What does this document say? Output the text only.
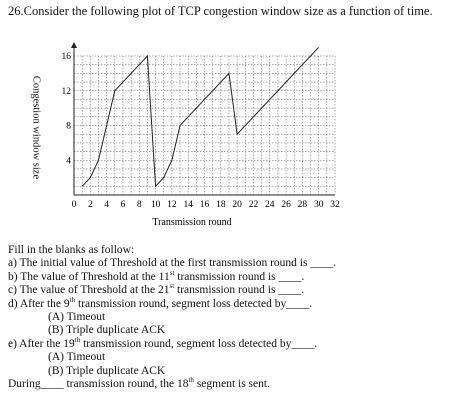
26.Consider the following plot of TCP congestion window size as a function of time.
0 2 4 6 8 10 12 14 16 18 20 22 24 26 28 30 32
4
8
12
16
Transmission round
Congestion window size
Fill in the blanks as follow:
a) The initial value of Threshold at the first transmission round is ____.
b) The value of Threshold at the 11st transmission round is ____.
c) The value of Threshold at the 21st transmission round is ____.
d) After the 9th transmission round, segment loss detected by____.
(A) Timeout
(B) Triple duplicate ACK
e) After the 19th transmission round, segment loss detected by____.
(A) Timeout
(B) Triple duplicate ACK
During____ transmission round, the 18th segment is sent.
